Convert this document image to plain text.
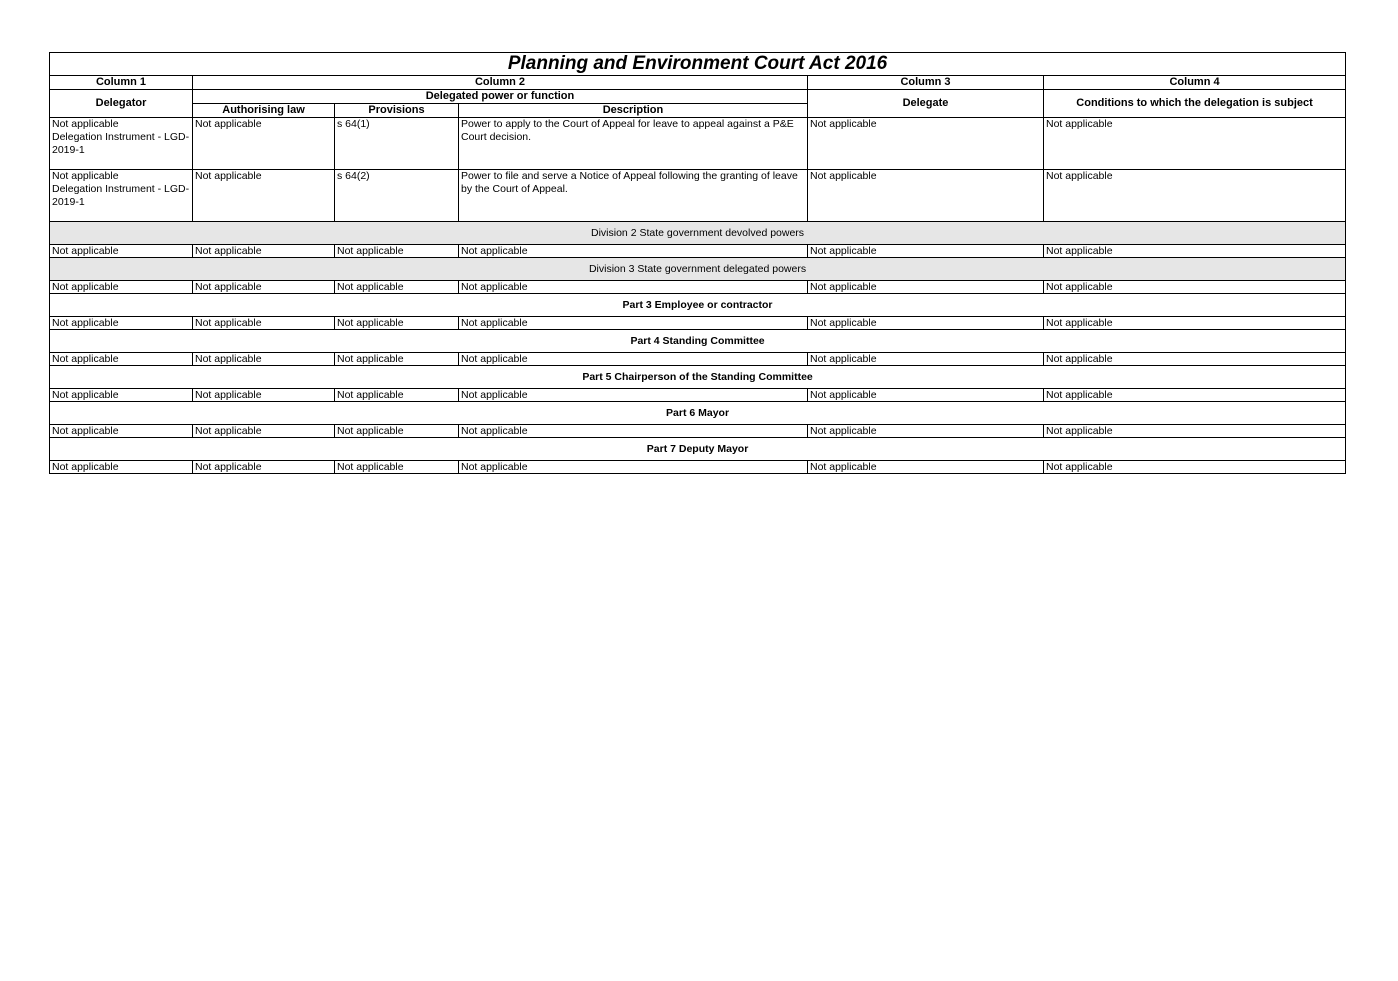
Planning and Environment Court Act 2016					
Column 1	Column 2			Column 3	Column 4
Delegator	Delegated power or function			Delegate	Conditions to which the delegation is subject
	Authorising law	Provisions	Description		

Not applicable
Delegation Instrument - LGD-
2019-1	Not applicable	s 64(1)	Power to apply to the Court of Appeal for leave to appeal against a P&E Court decision.	Not applicable	Not applicable

Not applicable
Delegation Instrument - LGD-
2019-1	Not applicable	s 64(2)	Power to file and serve a Notice of Appeal following the granting of leave by the Court of Appeal.	Not applicable	Not applicable
Division 2 State government devolved powers					
Not applicable	Not applicable	Not applicable	Not applicable	Not applicable	Not applicable
Division 3 State government delegated powers					
Not applicable	Not applicable	Not applicable	Not applicable	Not applicable	Not applicable
Part 3 Employee or contractor					
Not applicable	Not applicable	Not applicable	Not applicable	Not applicable	Not applicable
Part 4 Standing Committee					
Not applicable	Not applicable	Not applicable	Not applicable	Not applicable	Not applicable
Part 5 Chairperson of the Standing Committee					
Not applicable	Not applicable	Not applicable	Not applicable	Not applicable	Not applicable
Part 6 Mayor					
Not applicable	Not applicable	Not applicable	Not applicable	Not applicable	Not applicable
Part 7 Deputy Mayor					
Not applicable	Not applicable	Not applicable	Not applicable	Not applicable	Not applicable
